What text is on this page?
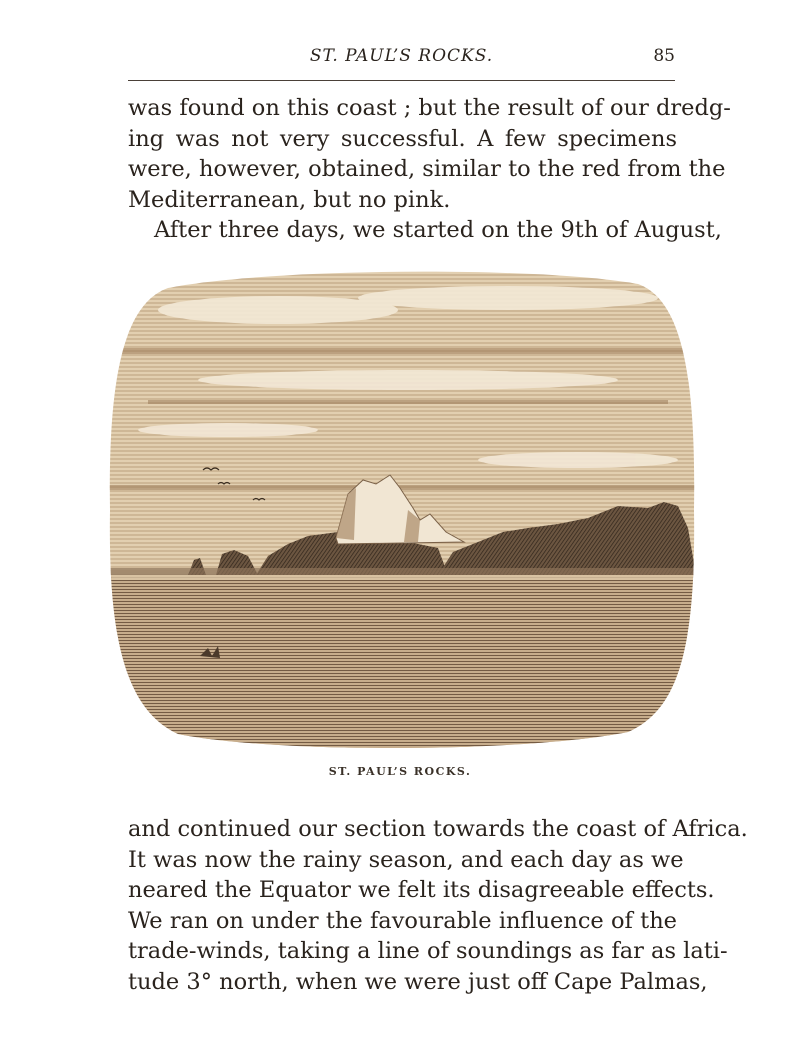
ST. PAUL’S ROCKS.	85
was found on this coast ; but the result of our dredg-
ing was not very successful. A few specimens
were, however, obtained, similar to the red from the
Mediterranean, but no pink.
After three days, we started on the 9th of August,
ST. PAUL’S ROCKS.
and continued our section towards the coast of Africa.
It was now the rainy season, and each day as we
neared the Equator we felt its disagreeable effects.
We ran on under the favourable influence of the
trade-winds, taking a line of soundings as far as lati-
tude 3° north, when we were just off Cape Palmas,
